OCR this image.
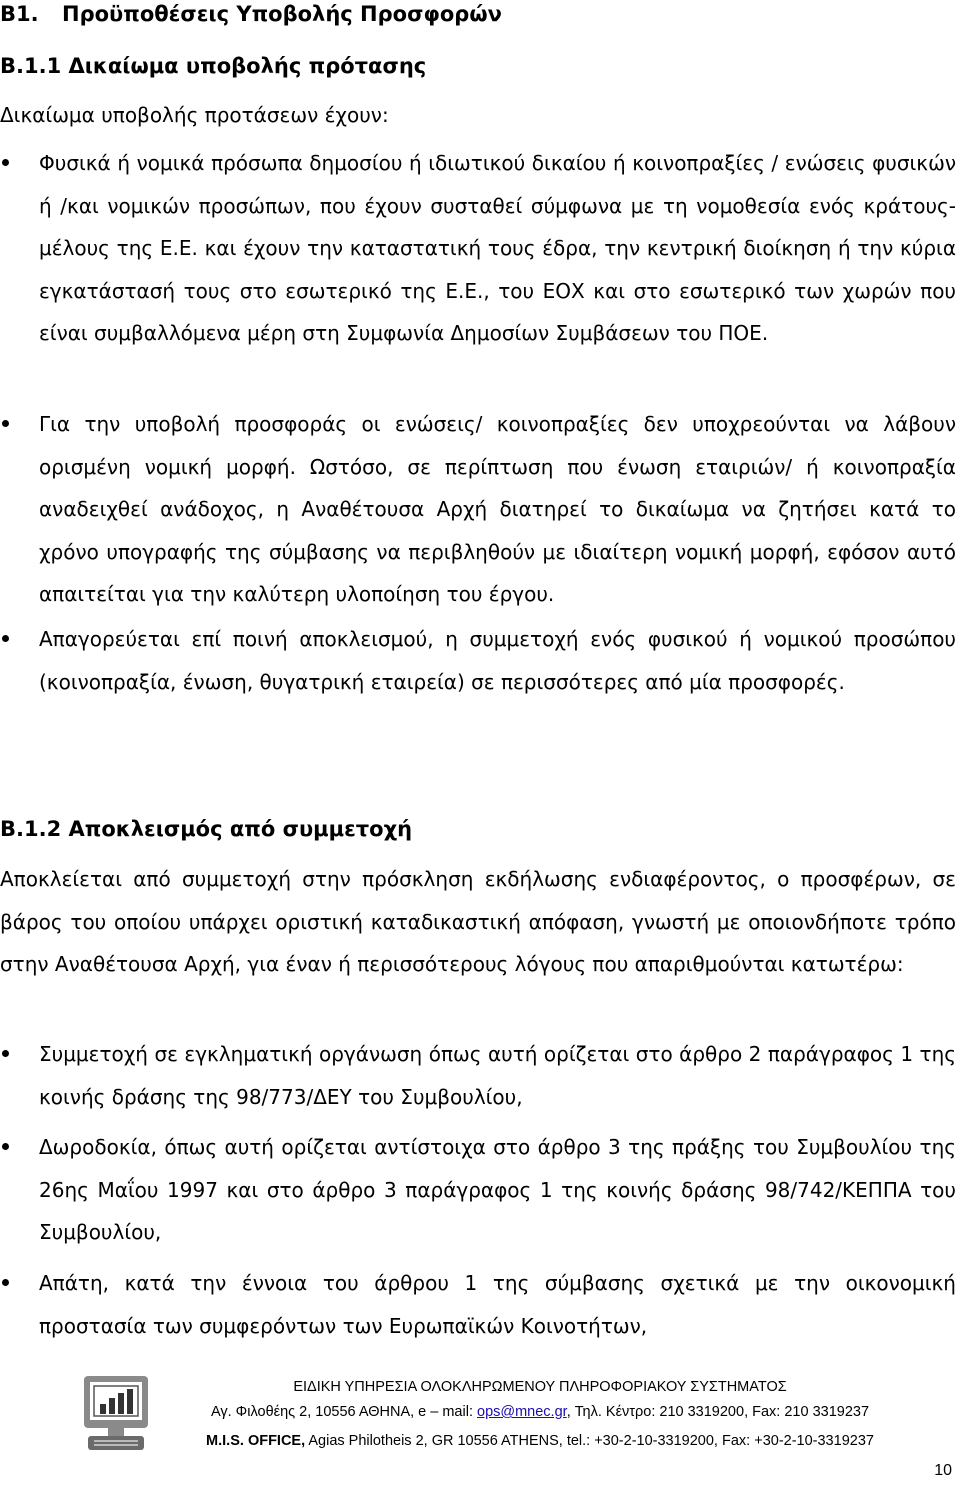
B1. Προϋποθέσεις Υποβολής Προσφορών
B.1.1 Δικαίωμα υποβολής πρότασης

Δικαίωμα υποβολής προτάσεων έχουν:

Φυσικά ή νομικά πρόσωπα δημοσίου ή ιδιωτικού δικαίου ή κοινοπραξίες / ενώσεις φυσικών ή /και νομικών προσώπων, που έχουν συσταθεί σύμφωνα με τη νομοθεσία ενός κράτους-μέλους της Ε.Ε. και έχουν την καταστατική τους έδρα, την κεντρική διοίκηση ή την κύρια εγκατάστασή τους στο εσωτερικό της Ε.Ε., του ΕΟΧ και στο εσωτερικό των χωρών που είναι συμβαλλόμενα μέρη στη Συμφωνία Δημοσίων Συμβάσεων του ΠΟΕ.

Για την υποβολή προσφοράς οι ενώσεις/ κοινοπραξίες δεν υποχρεούνται να λάβουν ορισμένη νομική μορφή. Ωστόσο, σε περίπτωση που ένωση εταιριών/ ή κοινοπραξία αναδειχθεί ανάδοχος, η Αναθέτουσα Αρχή διατηρεί το δικαίωμα να ζητήσει κατά το χρόνο υπογραφής της σύμβασης να περιβληθούν με ιδιαίτερη νομική μορφή, εφόσον αυτό απαιτείται για την καλύτερη υλοποίηση του έργου.

Απαγορεύεται επί ποινή αποκλεισμού, η συμμετοχή ενός φυσικού ή νομικού προσώπου (κοινοπραξία, ένωση, θυγατρική εταιρεία) σε περισσότερες από μία προσφορές.

B.1.2 Αποκλεισμός από συμμετοχή

Αποκλείεται από συμμετοχή στην πρόσκληση εκδήλωσης ενδιαφέροντος, ο προσφέρων, σε βάρος του οποίου υπάρχει οριστική καταδικαστική απόφαση, γνωστή με οποιονδήποτε τρόπο στην Αναθέτουσα Αρχή, για έναν ή περισσότερους λόγους που απαριθμούνται κατωτέρω:

Συμμετοχή σε εγκληματική οργάνωση όπως αυτή ορίζεται στο άρθρο 2 παράγραφος 1 της κοινής δράσης της 98/773/ΔΕΥ του Συμβουλίου,

Δωροδοκία, όπως αυτή ορίζεται αντίστοιχα στο άρθρο 3 της πράξης του Συμβουλίου της 26ης Μαΐου 1997 και στο άρθρο 3 παράγραφος 1 της κοινής δράσης 98/742/ΚΕΠΠΑ του Συμβουλίου,

Απάτη, κατά την έννοια του άρθρου 1 της σύμβασης σχετικά με την οικονομική προστασία των συμφερόντων των Ευρωπαϊκών Κοινοτήτων,

ΕΙΔΙΚΗ ΥΠΗΡΕΣΙΑ ΟΛΟΚΛΗΡΩΜΕΝΟΥ ΠΛΗΡΟΦΟΡΙΑΚΟΥ ΣΥΣΤΗΜΑΤΟΣ
Αγ. Φιλοθέης 2, 10556 ΑΘΗΝΑ, e – mail: ops@mnec.gr, Τηλ. Κέντρο: 210 3319200, Fax: 210 3319237
M.I.S. OFFICE, Agias Philotheis 2, GR 10556 ATHENS, tel.: +30-2-10-3319200, Fax: +30-2-10-3319237
10
